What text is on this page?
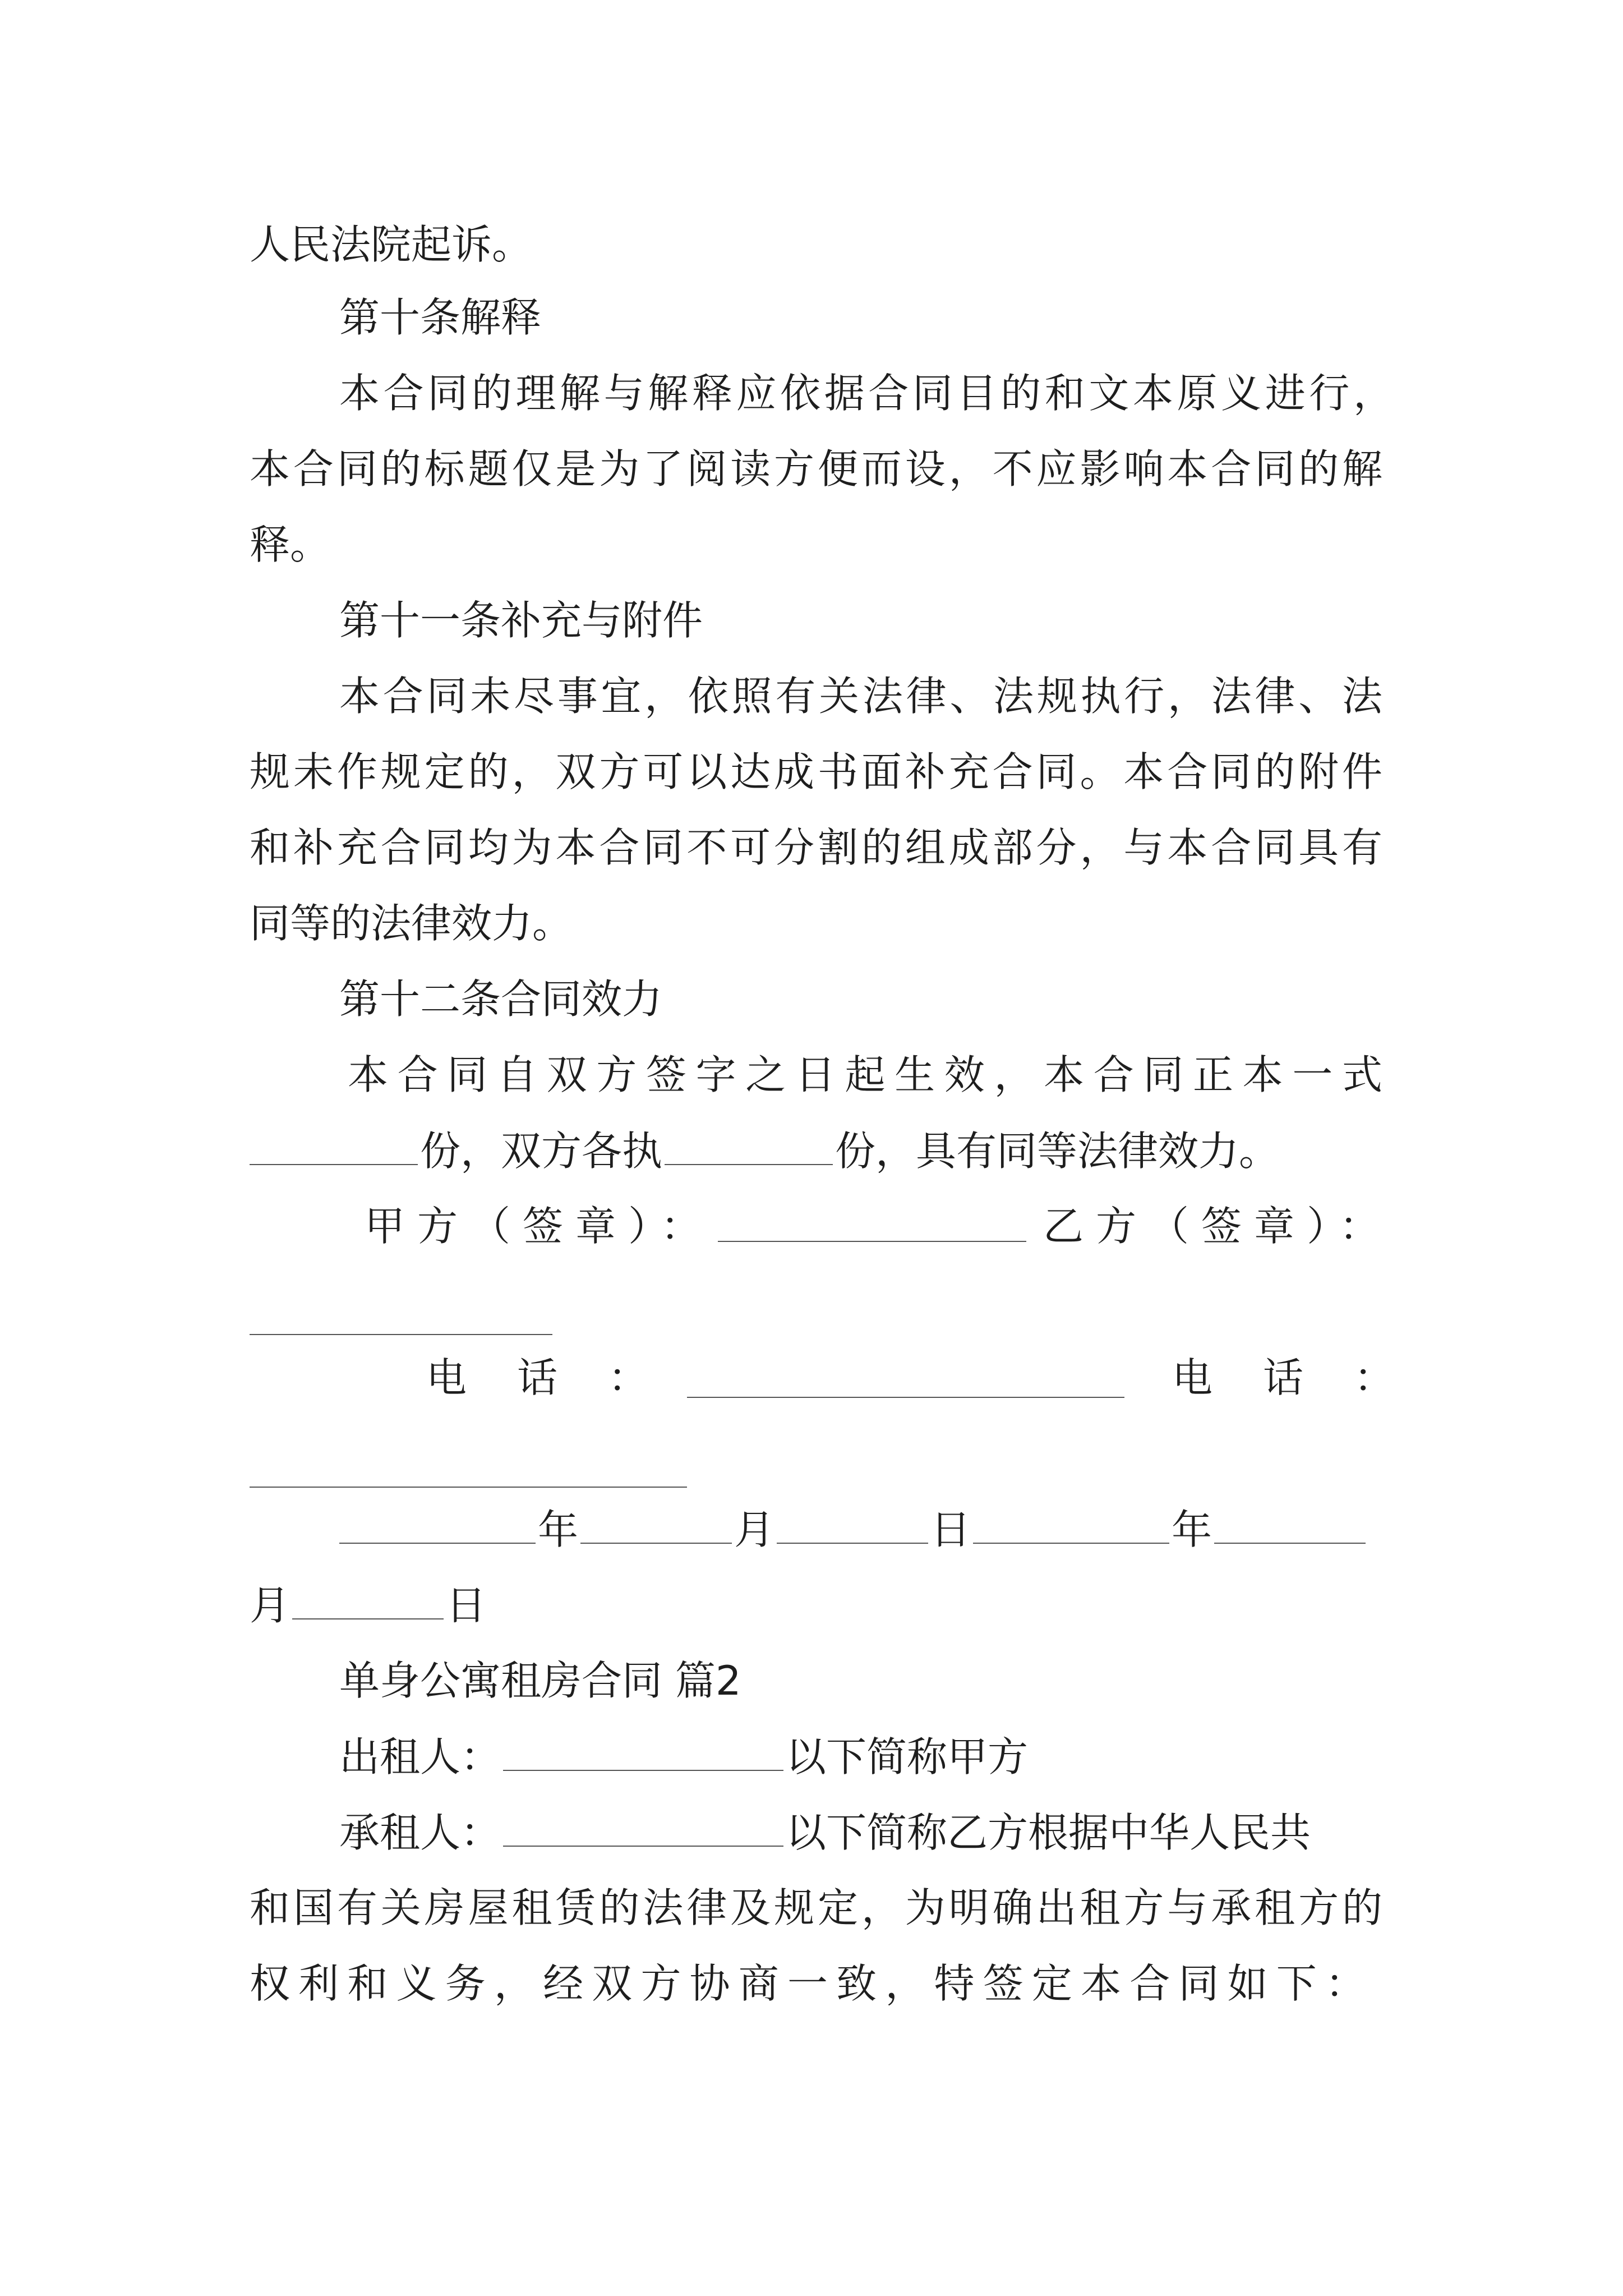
人民法院起诉。
第十条解释
本合同的理解与解释应依据合同目的和文本原义进行，
本合同的标题仅是为了阅读方便而设，不应影响本合同的解
释。
第十一条补充与附件
本合同未尽事宜，依照有关法律、法规执行，法律、法
规未作规定的，双方可以达成书面补充合同。本合同的附件
和补充合同均为本合同不可分割的组成部分，与本合同具有
同等的法律效力。
第十二条合同效力
本合同自双方签字之日起生效，本合同正本一式
份，双方各执	份，具有同等法律效力。
甲方（签章）：	乙方（签章）：
电话：	电话：
年	月	日	年
月	日
单身公寓租房合同 篇2
出租人：	以下简称甲方
承租人：	以下简称乙方根据中华人民共
和国有关房屋租赁的法律及规定，为明确出租方与承租方的
权利和义务，经双方协商一致，特签定本合同如下：
